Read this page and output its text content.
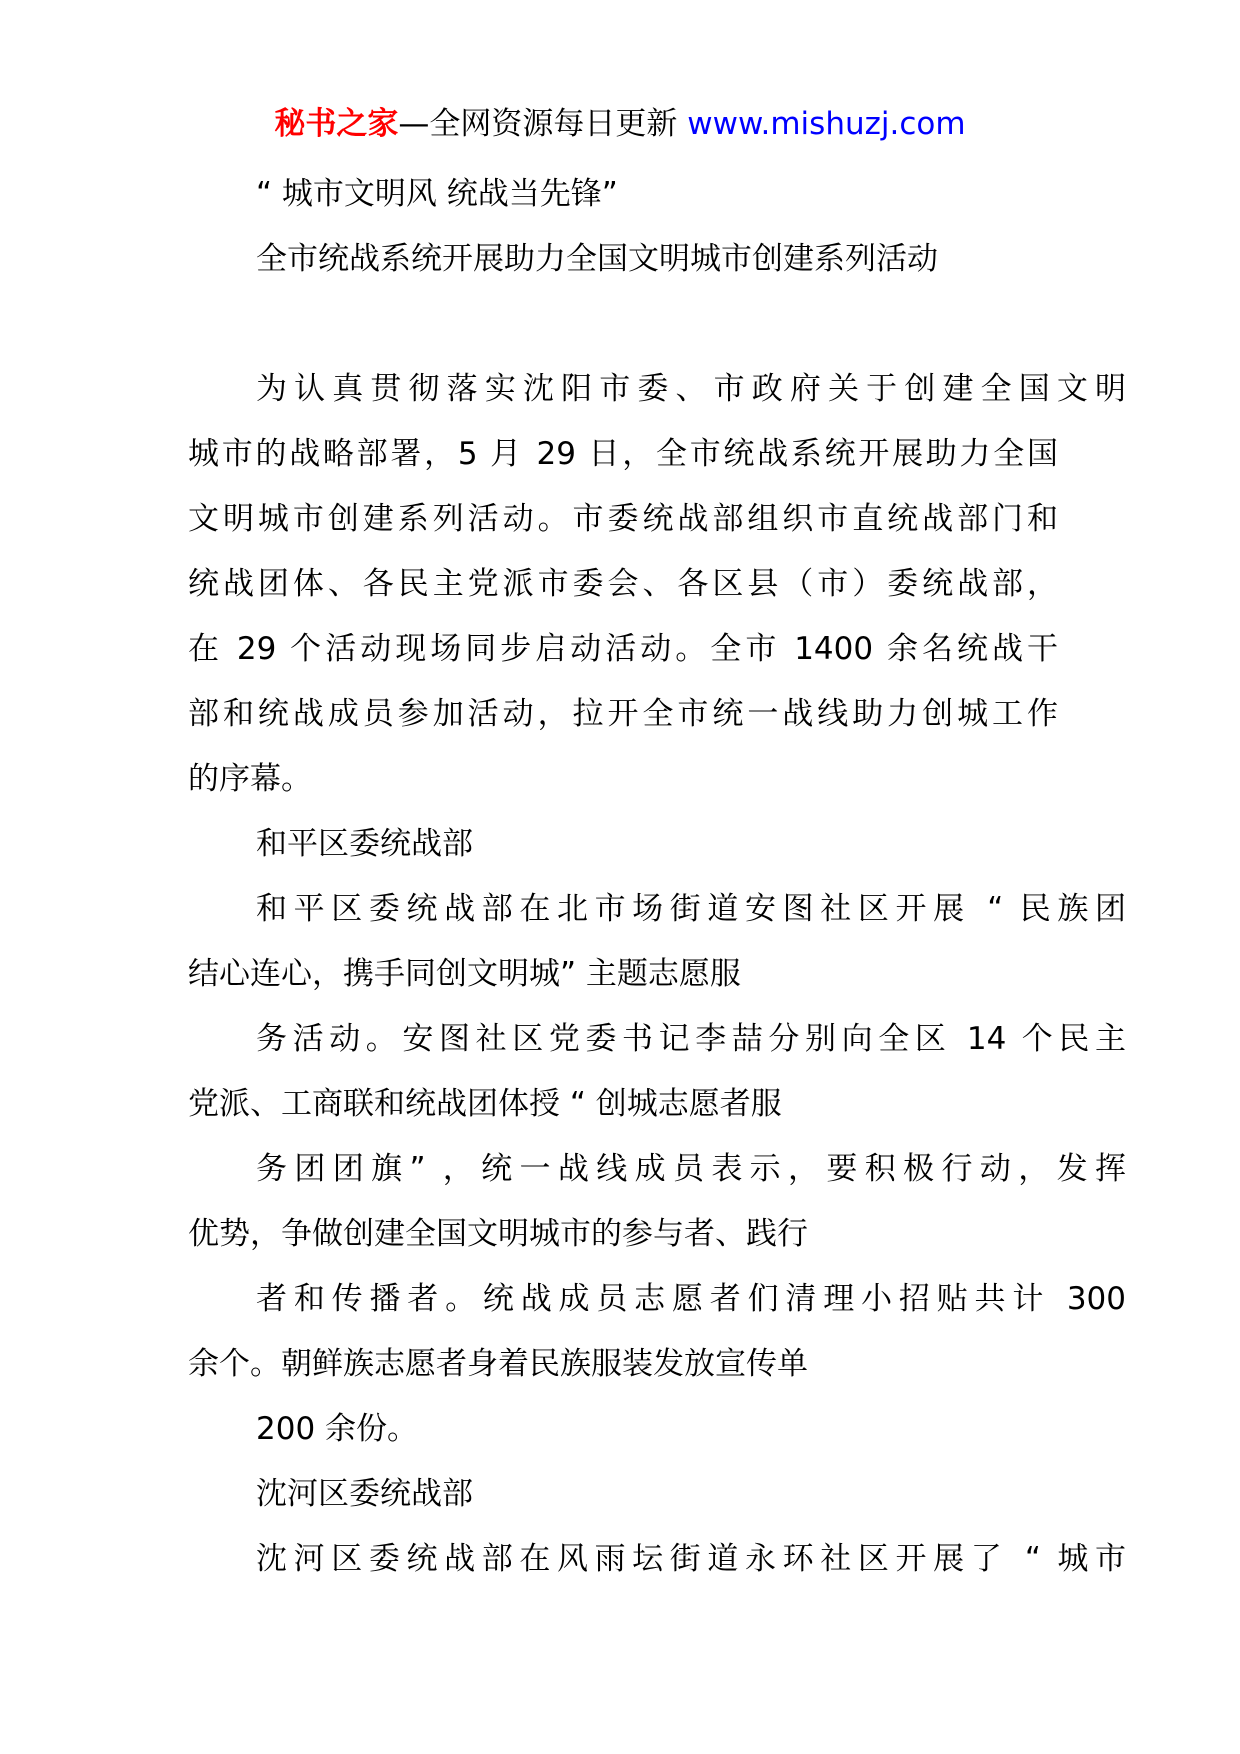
秘书之家—全网资源每日更新 www.mishuzj.com
“ 城市文明风 统战当先锋”
全市统战系统开展助力全国文明城市创建系列活动
为认真贯彻落实沈阳市委、市政府关于创建全国文明
城市的战略部署，5 月 29 日，全市统战系统开展助力全国
文明城市创建系列活动。市委统战部组织市直统战部门和
统战团体、各民主党派市委会、各区县（市）委统战部，
在 29 个活动现场同步启动活动。全市 1400 余名统战干
部和统战成员参加活动，拉开全市统一战线助力创城工作
的序幕。
和平区委统战部
和平区委统战部在北市场街道安图社区开展 “ 民族团
结心连心，携手同创文明城” 主题志愿服
务活动。安图社区党委书记李喆分别向全区 14 个民主
党派、工商联和统战团体授 “ 创城志愿者服
务团团旗” ，统一战线成员表示，要积极行动，发挥
优势，争做创建全国文明城市的参与者、践行
者和传播者。统战成员志愿者们清理小招贴共计 300
余个。朝鲜族志愿者身着民族服装发放宣传单
200 余份。
沈河区委统战部
沈河区委统战部在风雨坛街道永环社区开展了 “ 城市
